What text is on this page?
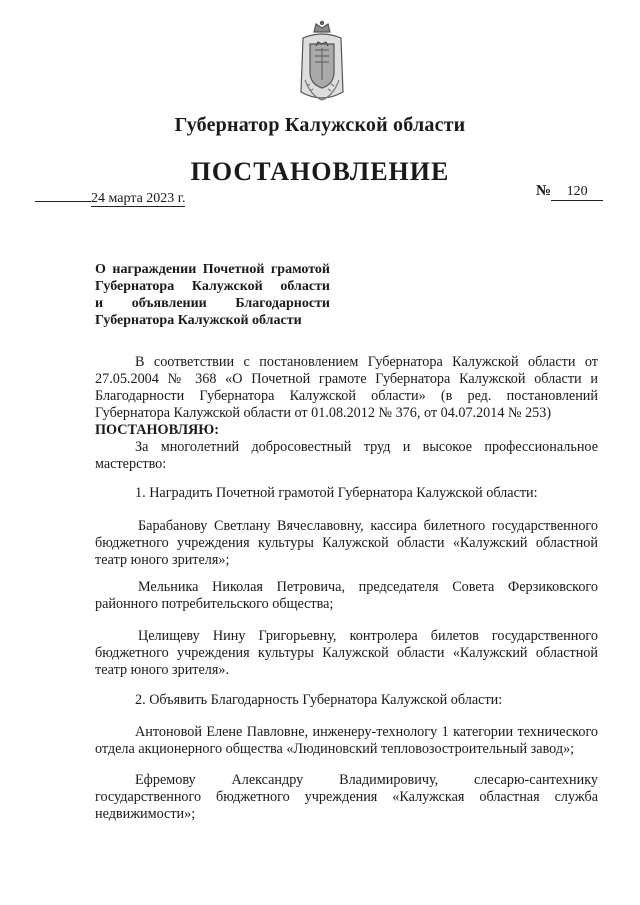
Губернатор Калужской области
ПОСТАНОВЛЕНИЕ
24 марта 2023 г.	№ 120
О награждении Почетной грамотой
Губернатора Калужской области
и объявлении Благодарности
Губернатора Калужской области
В соответствии с постановлением Губернатора Калужской области от 27.05.2004 № 368 «О Почетной грамоте Губернатора Калужской области и Благодарности Губернатора Калужской области» (в ред. постановлений Губернатора Калужской области от 01.08.2012 № 376, от 04.07.2014 № 253)
ПОСТАНОВЛЯЮ:
За многолетний добросовестный труд и высокое профессиональное мастерство:
1. Наградить Почетной грамотой Губернатора Калужской области:
Барабанову Светлану Вячеславовну, кассира билетного государственного бюджетного учреждения культуры Калужской области «Калужский областной театр юного зрителя»;
Мельника Николая Петровича, председателя Совета Ферзиковского районного потребительского общества;
Целищеву Нину Григорьевну, контролера билетов государственного бюджетного учреждения культуры Калужской области «Калужский областной театр юного зрителя».
2. Объявить Благодарность Губернатора Калужской области:
Антоновой Елене Павловне, инженеру-технологу 1 категории технического отдела акционерного общества «Людиновский тепловозостроительный завод»;
Ефремову Александру Владимировичу, слесарю-сантехнику государственного бюджетного учреждения «Калужская областная служба недвижимости»;
